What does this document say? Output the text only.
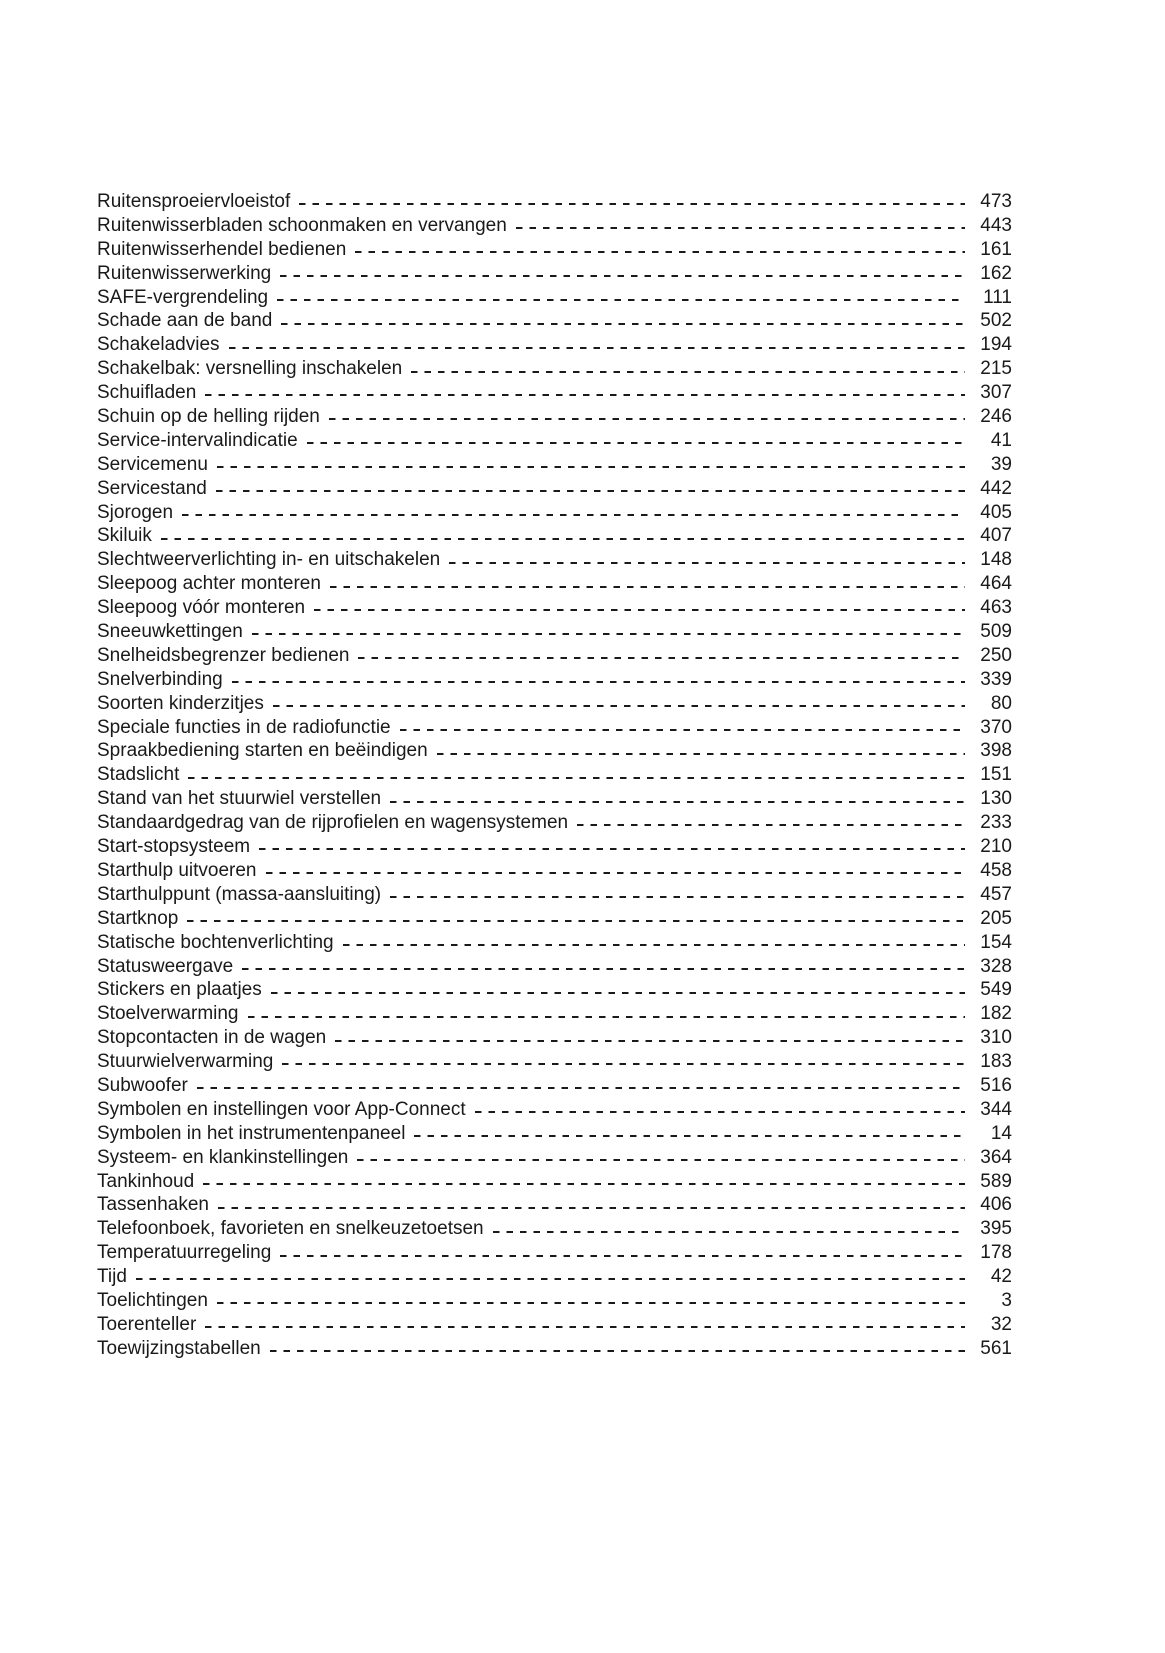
Ruitensproeiervloeistof	473
Ruitenwisserbladen schoonmaken en vervangen	443
Ruitenwisserhendel bedienen	161
Ruitenwisserwerking	162
SAFE-vergrendeling	111
Schade aan de band	502
Schakeladvies	194
Schakelbak: versnelling inschakelen	215
Schuifladen	307
Schuin op de helling rijden	246
Service-intervalindicatie	41
Servicemenu	39
Servicestand	442
Sjorogen	405
Skiluik	407
Slechtweerverlichting in- en uitschakelen	148
Sleepoog achter monteren	464
Sleepoog vóór monteren	463
Sneeuwkettingen	509
Snelheidsbegrenzer bedienen	250
Snelverbinding	339
Soorten kinderzitjes	80
Speciale functies in de radiofunctie	370
Spraakbediening starten en beëindigen	398
Stadslicht	151
Stand van het stuurwiel verstellen	130
Standaardgedrag van de rijprofielen en wagensystemen	233
Start-stopsysteem	210
Starthulp uitvoeren	458
Starthulppunt (massa-aansluiting)	457
Startknop	205
Statische bochtenverlichting	154
Statusweergave	328
Stickers en plaatjes	549
Stoelverwarming	182
Stopcontacten in de wagen	310
Stuurwielverwarming	183
Subwoofer	516
Symbolen en instellingen voor App-Connect	344
Symbolen in het instrumentenpaneel	14
Systeem- en klankinstellingen	364
Tankinhoud	589
Tassenhaken	406
Telefoonboek, favorieten en snelkeuzetoetsen	395
Temperatuurregeling	178
Tijd	42
Toelichtingen	3
Toerenteller	32
Toewijzingstabellen	561
